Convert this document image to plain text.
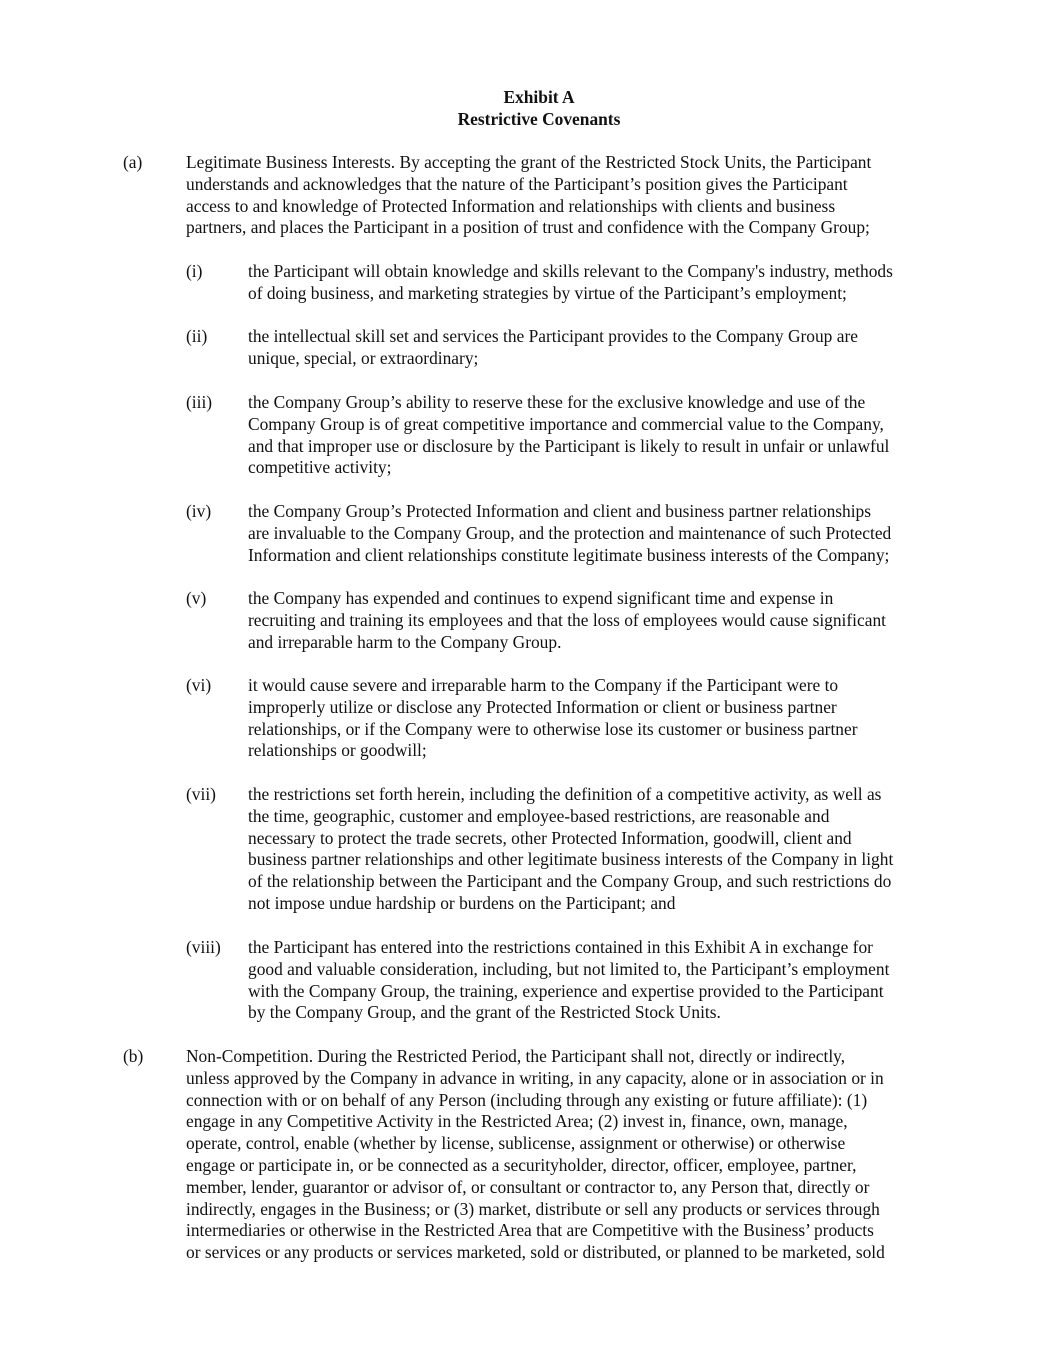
Exhibit A
Restrictive Covenants
(a)	Legitimate Business Interests. By accepting the grant of the Restricted Stock Units, the Participant
understands and acknowledges that the nature of the Participant’s position gives the Participant
access to and knowledge of Protected Information and relationships with clients and business
partners, and places the Participant in a position of trust and confidence with the Company Group;
(i)	the Participant will obtain knowledge and skills relevant to the Company's industry, methods
of doing business, and marketing strategies by virtue of the Participant’s employment;
(ii) the intellectual skill set and services the Participant provides to the Company Group are
unique, special, or extraordinary;
(iii) the Company Group’s ability to reserve these for the exclusive knowledge and use of the
Company Group is of great competitive importance and commercial value to the Company,
and that improper use or disclosure by the Participant is likely to result in unfair or unlawful
competitive activity;
(iv) the Company Group’s Protected Information and client and business partner relationships
are invaluable to the Company Group, and the protection and maintenance of such Protected
Information and client relationships constitute legitimate business interests of the Company;
(v) the Company has expended and continues to expend significant time and expense in
recruiting and training its employees and that the loss of employees would cause significant
and irreparable harm to the Company Group.
(vi) it would cause severe and irreparable harm to the Company if the Participant were to
improperly utilize or disclose any Protected Information or client or business partner
relationships, or if the Company were to otherwise lose its customer or business partner
relationships or goodwill;
(vii) the restrictions set forth herein, including the definition of a competitive activity, as well as
the time, geographic, customer and employee-based restrictions, are reasonable and
necessary to protect the trade secrets, other Protected Information, goodwill, client and
business partner relationships and other legitimate business interests of the Company in light
of the relationship between the Participant and the Company Group, and such restrictions do
not impose undue hardship or burdens on the Participant; and
(viii) the Participant has entered into the restrictions contained in this Exhibit A in exchange for
good and valuable consideration, including, but not limited to, the Participant’s employment
with the Company Group, the training, experience and expertise provided to the Participant
by the Company Group, and the grant of the Restricted Stock Units.
(b) Non-Competition. During the Restricted Period, the Participant shall not, directly or indirectly,
unless approved by the Company in advance in writing, in any capacity, alone or in association or in
connection with or on behalf of any Person (including through any existing or future affiliate): (1)
engage in any Competitive Activity in the Restricted Area; (2) invest in, finance, own, manage,
operate, control, enable (whether by license, sublicense, assignment or otherwise) or otherwise
engage or participate in, or be connected as a securityholder, director, officer, employee, partner,
member, lender, guarantor or advisor of, or consultant or contractor to, any Person that, directly or
indirectly, engages in the Business; or (3) market, distribute or sell any products or services through
intermediaries or otherwise in the Restricted Area that are Competitive with the Business’ products
or services or any products or services marketed, sold or distributed, or planned to be marketed, sold
